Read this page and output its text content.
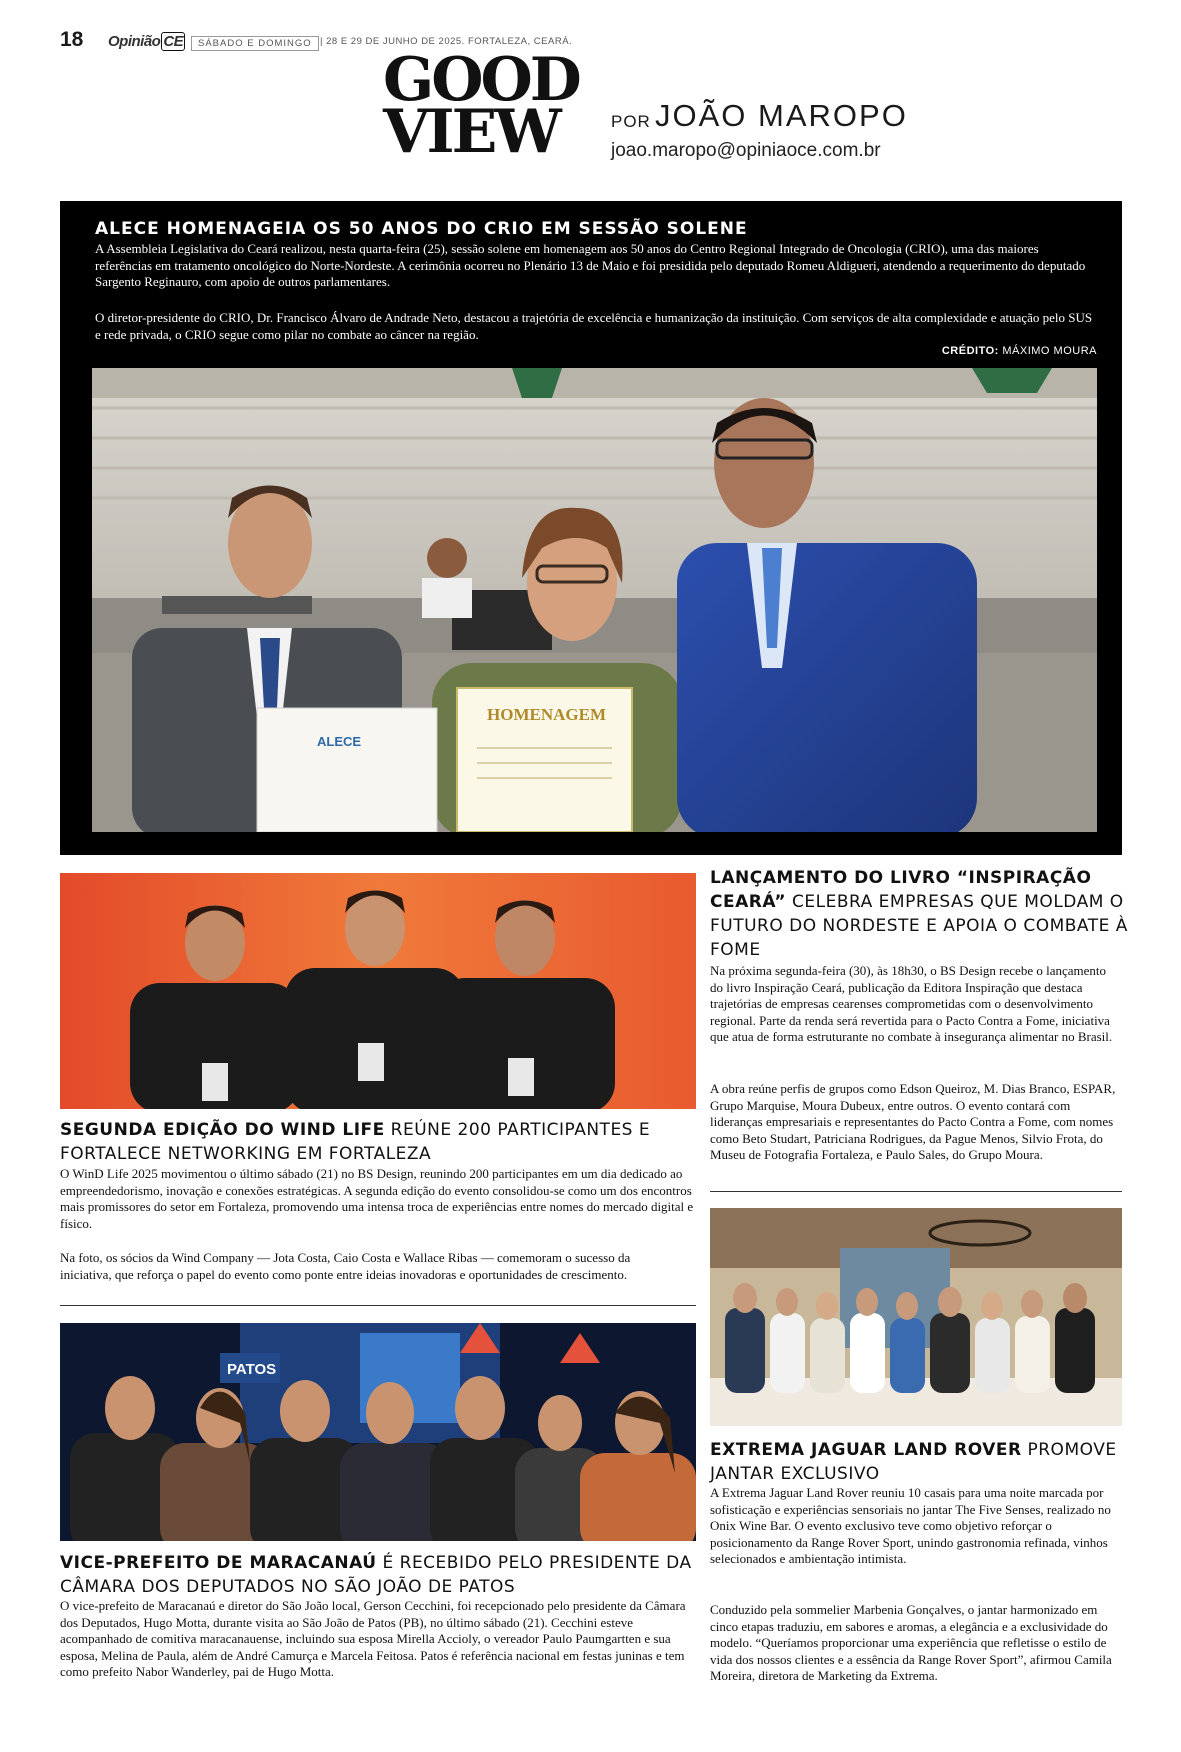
18 Opinião CE	SÁBADO E DOMINGO | 28 E 29 DE JUNHO DE 2025. FORTALEZA, CEARÁ.
GOOD
VIEW	POR JOÃO MAROPO
joao.maropo@opiniaoce.com.br
ALECE HOMENAGEIA OS 50 ANOS DO CRIO EM SESSÃO SOLENE

A Assembleia Legislativa do Ceará realizou, nesta quarta-feira (25), sessão solene em homenagem aos 50 anos do Centro Regional Integrado de Oncologia (CRIO), uma das maiores referências em tratamento oncológico do Norte-Nordeste. A cerimônia ocorreu no Plenário 13 de Maio e foi presidida pelo deputado Romeu Aldigueri, atendendo a requerimento do deputado Sargento Reginauro, com apoio de outros parlamentares.

O diretor-presidente do CRIO, Dr. Francisco Álvaro de Andrade Neto, destacou a trajetória de excelência e humanização da instituição. Com serviços de alta complexidade e atuação pelo SUS e rede privada, o CRIO segue como pilar no combate ao câncer na região.

CRÉDITO: MÁXIMO MOURA
ALECE
HOMENAGEM
SEGUNDA EDIÇÃO DO WIND LIFE REÚNE 200 PARTICIPANTES E FORTALECE NETWORKING EM FORTALEZA

O WinD Life 2025 movimentou o último sábado (21) no BS Design, reunindo 200 participantes em um dia dedicado ao empreendedorismo, inovação e conexões estratégicas. A segunda edição do evento consolidou-se como um dos encontros mais promissores do setor em Fortaleza, promovendo uma intensa troca de experiências entre nomes do mercado digital e físico.

Na foto, os sócios da Wind Company — Jota Costa, Caio Costa e Wallace Ribas — comemoram o sucesso da iniciativa, que reforça o papel do evento como ponte entre ideias inovadoras e oportunidades de crescimento.

PATOS
VICE-PREFEITO DE MARACANAÚ É RECEBIDO PELO PRESIDENTE DA CÂMARA DOS DEPUTADOS NO SÃO JOÃO DE PATOS

O vice-prefeito de Maracanaú e diretor do São João local, Gerson Cecchini, foi recepcionado pelo presidente da Câmara dos Deputados, Hugo Motta, durante visita ao São João de Patos (PB), no último sábado (21). Cecchini esteve acompanhado de comitiva maracanauense, incluindo sua esposa Mirella Accioly, o vereador Paulo Paumgartten e sua esposa, Melina de Paula, além de André Camurça e Marcela Feitosa. Patos é referência nacional em festas juninas e tem como prefeito Nabor Wanderley, pai de Hugo Motta.

LANÇAMENTO DO LIVRO “INSPIRAÇÃO CEARÁ” CELEBRA EMPRESAS QUE MOLDAM O FUTURO DO NORDESTE E APOIA O COMBATE À FOME

Na próxima segunda-feira (30), às 18h30, o BS Design recebe o lançamento do livro Inspiração Ceará, publicação da Editora Inspiração que destaca trajetórias de empresas cearenses comprometidas com o desenvolvimento regional. Parte da renda será revertida para o Pacto Contra a Fome, iniciativa que atua de forma estruturante no combate à insegurança alimentar no Brasil.

A obra reúne perfis de grupos como Edson Queiroz, M. Dias Branco, ESPAR, Grupo Marquise, Moura Dubeux, entre outros. O evento contará com lideranças empresariais e representantes do Pacto Contra a Fome, com nomes como Beto Studart, Patriciana Rodrigues, da Pague Menos, Silvio Frota, do Museu de Fotografia Fortaleza, e Paulo Sales, do Grupo Moura.

EXTREMA JAGUAR LAND ROVER PROMOVE JANTAR EXCLUSIVO

A Extrema Jaguar Land Rover reuniu 10 casais para uma noite marcada por sofisticação e experiências sensoriais no jantar The Five Senses, realizado no Onix Wine Bar. O evento exclusivo teve como objetivo reforçar o posicionamento da Range Rover Sport, unindo gastronomia refinada, vinhos selecionados e ambientação intimista.

Conduzido pela sommelier Marbenia Gonçalves, o jantar harmonizado em cinco etapas traduziu, em sabores e aromas, a elegância e a exclusividade do modelo. “Queríamos proporcionar uma experiência que refletisse o estilo de vida dos nossos clientes e a essência da Range Rover Sport”, afirmou Camila Moreira, diretora de Marketing da Extrema.
